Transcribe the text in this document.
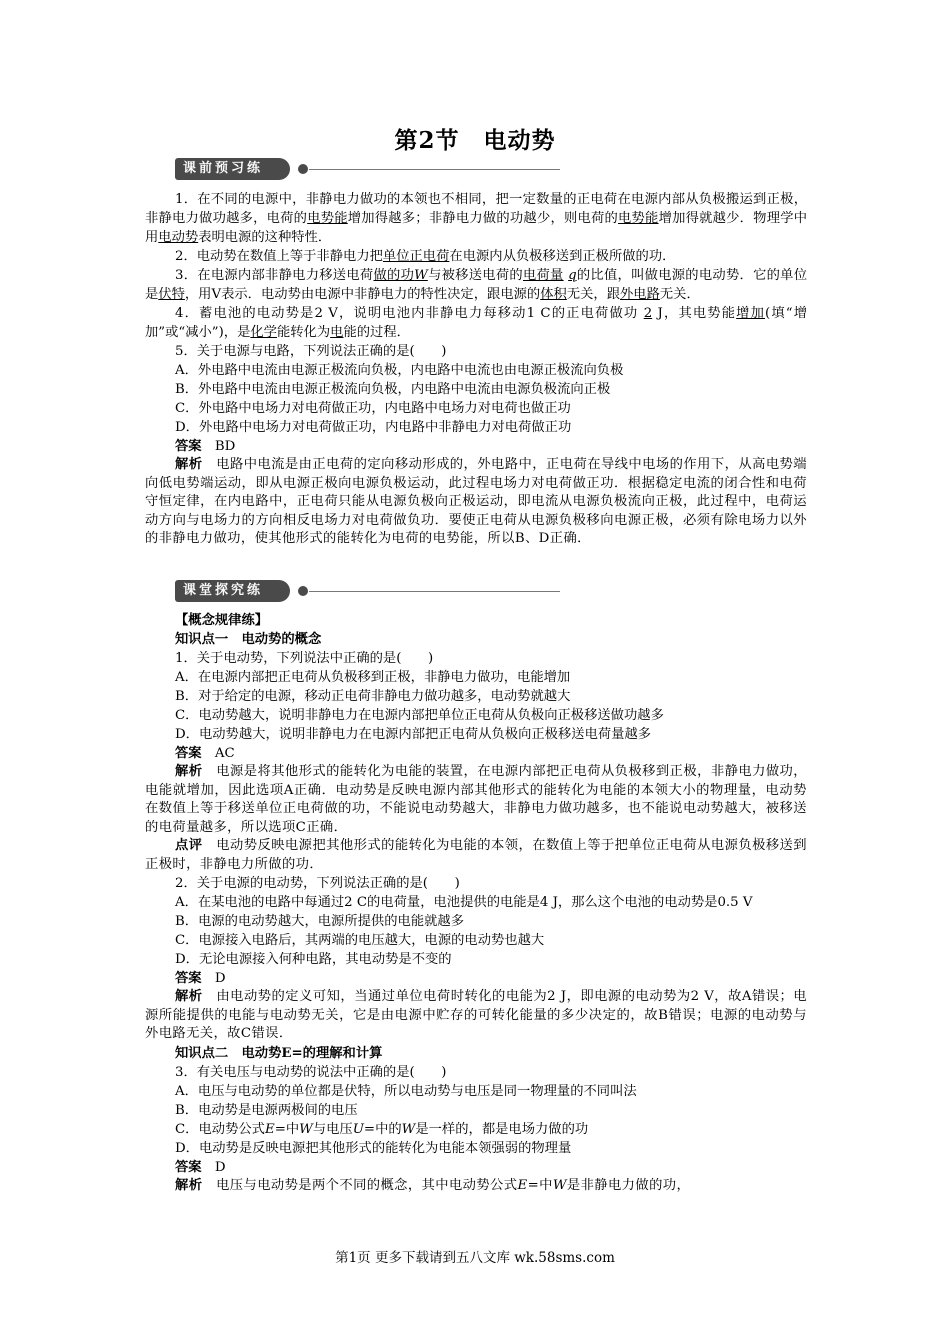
第2节　电动势
课前预习练

1．在不同的电源中，非静电力做功的本领也不相同，把一定数量的正电荷在电源内部从负极搬运到正极，非静电力做功越多，电荷的电势能增加得越多；非静电力做的功越少，则电荷的电势能增加得就越少．物理学中用电动势表明电源的这种特性．

2．电动势在数值上等于非静电力把单位正电荷在电源内从负极移送到正极所做的功．

3．在电源内部非静电力移送电荷做的功W与被移送电荷的电荷量 q的比值，叫做电源的电动势．它的单位是伏特，用V表示．电动势由电源中非静电力的特性决定，跟电源的体积无关，跟外电路无关．

4．蓄电池的电动势是2 V，说明电池内非静电力每移动1 C的正电荷做功 2 J，其电势能增加(填“增加”或“减小”)，是化学能转化为电能的过程．

5．关于电源与电路，下列说法正确的是(　　)

A．外电路中电流由电源正极流向负极，内电路中电流也由电源正极流向负极

B．外电路中电流由电源正极流向负极，内电路中电流由电源负极流向正极

C．外电路中电场力对电荷做正功，内电路中电场力对电荷也做正功

D．外电路中电场力对电荷做正功，内电路中非静电力对电荷做正功

答案　 BD

解析　 电路中电流是由正电荷的定向移动形成的，外电路中，正电荷在导线中电场的作用下，从高电势端向低电势端运动，即从电源正极向电源负极运动，此过程电场力对电荷做正功．根据稳定电流的闭合性和电荷守恒定律，在内电路中，正电荷只能从电源负极向正极运动，即电流从电源负极流向正极，此过程中，电荷运动方向与电场力的方向相反电场力对电荷做负功．要使正电荷从电源负极移向电源正极，必须有除电场力以外的非静电力做功，使其他形式的能转化为电荷的电势能，所以B、D正确．

课堂探究练

【概念规律练】

知识点一　电动势的概念

1．关于电动势，下列说法中正确的是(　　)

A．在电源内部把正电荷从负极移到正极，非静电力做功，电能增加

B．对于给定的电源，移动正电荷非静电力做功越多，电动势就越大

C．电动势越大，说明非静电力在电源内部把单位正电荷从负极向正极移送做功越多

D．电动势越大，说明非静电力在电源内部把正电荷从负极向正极移送电荷量越多

答案　 AC

解析　 电源是将其他形式的能转化为电能的装置，在电源内部把正电荷从负极移到正极，非静电力做功，电能就增加，因此选项A正确．电动势是反映电源内部其他形式的能转化为电能的本领大小的物理量，电动势在数值上等于移送单位正电荷做的功，不能说电动势越大，非静电力做功越多，也不能说电动势越大，被移送的电荷量越多，所以选项C正确．

点评　 电动势反映电源把其他形式的能转化为电能的本领，在数值上等于把单位正电荷从电源负极移送到正极时，非静电力所做的功．

2．关于电源的电动势，下列说法正确的是(　　)

A．在某电池的电路中每通过2 C的电荷量，电池提供的电能是4 J，那么这个电池的电动势是0.5 V

B．电源的电动势越大，电源所提供的电能就越多

C．电源接入电路后，其两端的电压越大，电源的电动势也越大

D．无论电源接入何种电路，其电动势是不变的

答案　 D

解析　 由电动势的定义可知，当通过单位电荷时转化的电能为2 J，即电源的电动势为2 V，故A错误；电源所能提供的电能与电动势无关，它是由电源中贮存的可转化能量的多少决定的，故B错误；电源的电动势与外电路无关，故C错误．

知识点二　电动势E=的理解和计算

3．有关电压与电动势的说法中正确的是(　　)

A．电压与电动势的单位都是伏特，所以电动势与电压是同一物理量的不同叫法

B．电动势是电源两极间的电压

C．电动势公式E=中W与电压U=中的W是一样的，都是电场力做的功

D．电动势是反映电源把其他形式的能转化为电能本领强弱的物理量

答案　 D

解析　 电压与电动势是两个不同的概念，其中电动势公式E=中W是非静电力做的功，

第1页 更多下载请到五八文库 wk.58sms.com
